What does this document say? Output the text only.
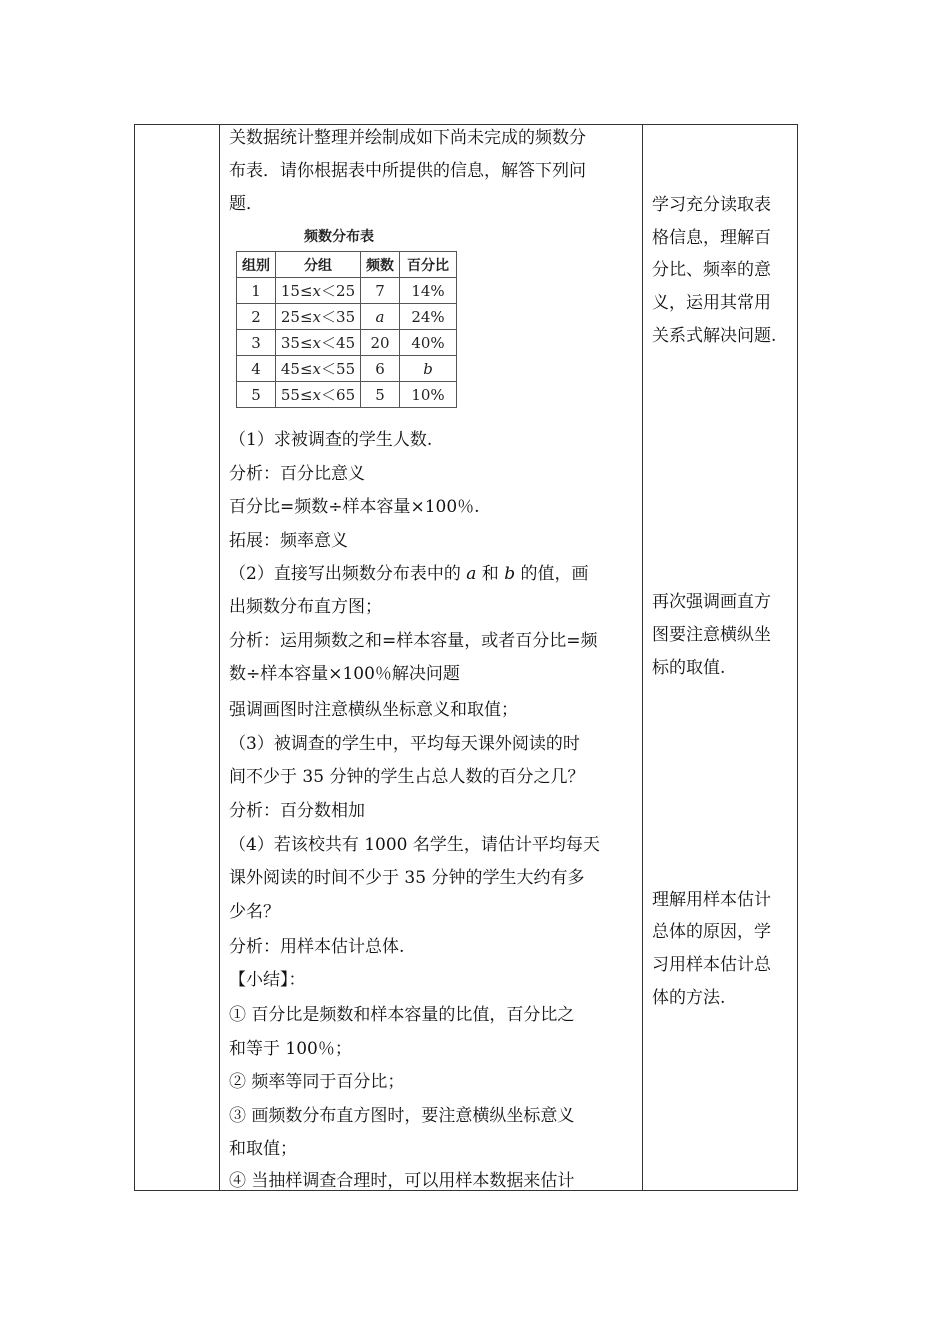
关数据统计整理并绘制成如下尚未完成的频数分
布表．请你根据表中所提供的信息，解答下列问
题．
（1）求被调查的学生人数.
分析：百分比意义
百分比=频数÷样本容量×100％.
拓展：频率意义
（2）直接写出频数分布表中的 a 和 b 的值，画
出频数分布直方图；
分析：运用频数之和=样本容量，或者百分比=频
数÷样本容量×100％解决问题
强调画图时注意横纵坐标意义和取值；
（3）被调查的学生中，平均每天课外阅读的时
间不少于 35 分钟的学生占总人数的百分之几？
分析：百分数相加
（4）若该校共有 1000 名学生，请估计平均每天
课外阅读的时间不少于 35 分钟的学生大约有多
少名？
分析：用样本估计总体.
【小结】：
① 百分比是频数和样本容量的比值，百分比之
和等于 100％；
② 频率等同于百分比；
③ 画频数分布直方图时，要注意横纵坐标意义
和取值；
④ 当抽样调查合理时，可以用样本数据来估计
频数分布表
组别	分组	频数	百分比
1	15≤x＜25	7	14%
2	25≤x＜35	a	24%
3	35≤x＜45	20	40%
4	45≤x＜55	6	b
5	55≤x＜65	5	10%
学习充分读取表
格信息，理解百
分比、频率的意
义，运用其常用
关系式解决问题.
再次强调画直方
图要注意横纵坐
标的取值.
理解用样本估计
总体的原因，学
习用样本估计总
体的方法.
